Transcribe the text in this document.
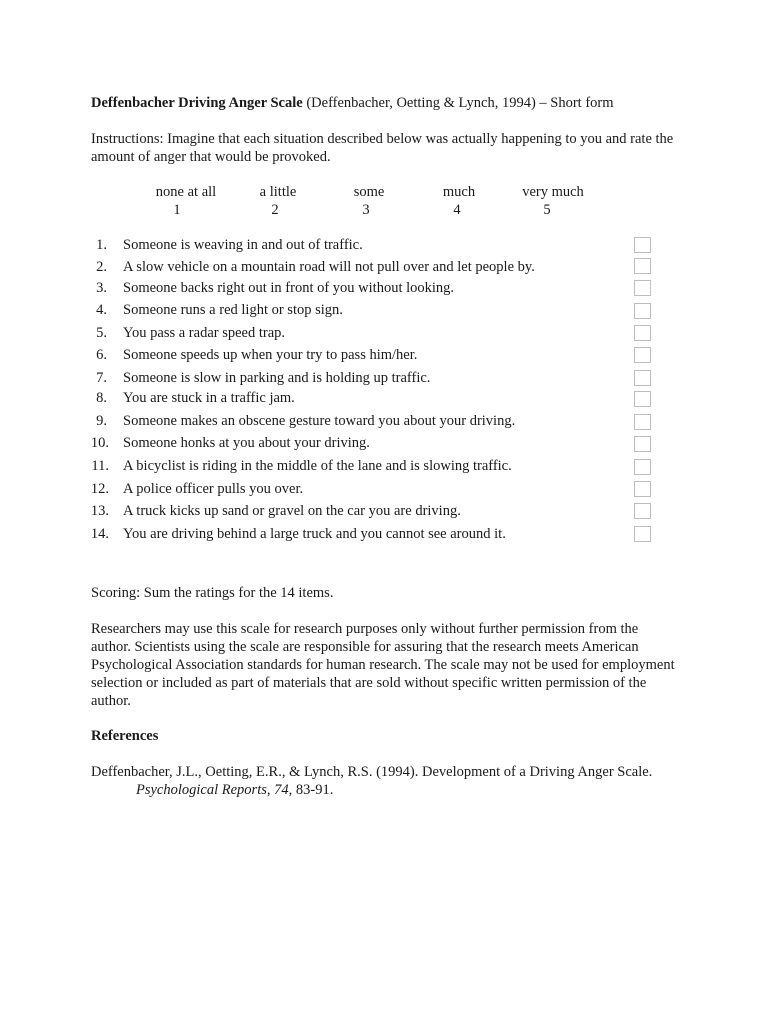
Deffenbacher Driving Anger Scale (Deffenbacher, Oetting & Lynch, 1994) – Short form
Instructions: Imagine that each situation described below was actually happening to you and rate the amount of anger that would be provoked.
none at all
1
a little
2
some
3
much
4
very much
5
1. Someone is weaving in and out of traffic.
2. A slow vehicle on a mountain road will not pull over and let people by.
3. Someone backs right out in front of you without looking.
4. Someone runs a red light or stop sign.
5. You pass a radar speed trap.
6. Someone speeds up when your try to pass him/her.
7. Someone is slow in parking and is holding up traffic.
8. You are stuck in a traffic jam.
9. Someone makes an obscene gesture toward you about your driving.
10. Someone honks at you about your driving.
11. A bicyclist is riding in the middle of the lane and is slowing traffic.
12. A police officer pulls you over.
13. A truck kicks up sand or gravel on the car you are driving.
14. You are driving behind a large truck and you cannot see around it.
Scoring: Sum the ratings for the 14 items.
Researchers may use this scale for research purposes only without further permission from the author. Scientists using the scale are responsible for assuring that the research meets American Psychological Association standards for human research. The scale may not be used for employment selection or included as part of materials that are sold without specific written permission of the author.
References
Deffenbacher, J.L., Oetting, E.R., & Lynch, R.S. (1994). Development of a Driving Anger Scale.
Psychological Reports, 74, 83-91.
